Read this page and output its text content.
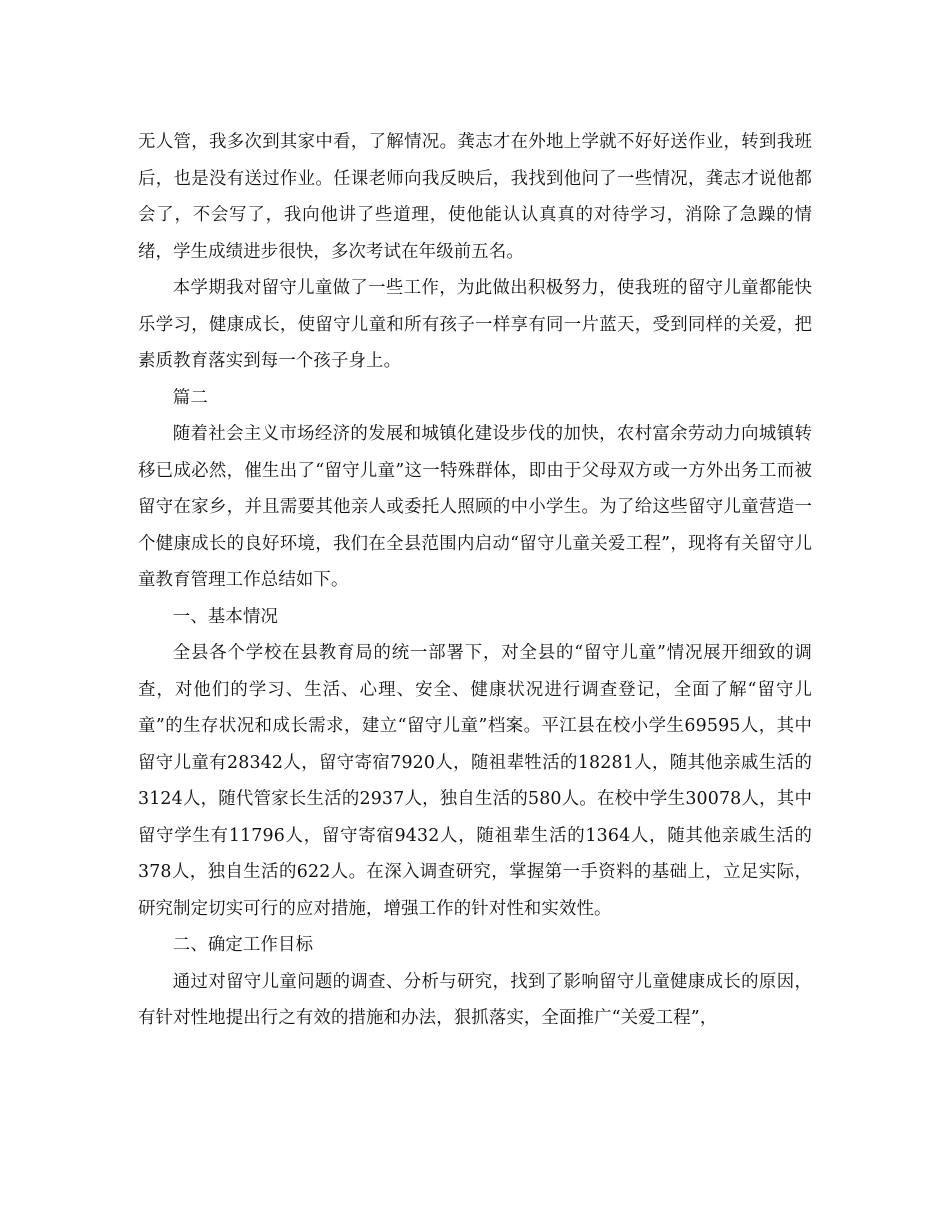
无人管，我多次到其家中看，了解情况。龚志才在外地上学就不好好送作业，转到我班后，也是没有送过作业。任课老师向我反映后，我找到他问了一些情况，龚志才说他都会了，不会写了，我向他讲了些道理，使他能认认真真的对待学习，消除了急躁的情绪，学生成绩进步很快，多次考试在年级前五名。

本学期我对留守儿童做了一些工作，为此做出积极努力，使我班的留守儿童都能快乐学习，健康成长，使留守儿童和所有孩子一样享有同一片蓝天，受到同样的关爱，把素质教育落实到每一个孩子身上。

篇二

随着社会主义市场经济的发展和城镇化建设步伐的加快，农村富余劳动力向城镇转移已成必然，催生出了“留守儿童”这一特殊群体，即由于父母双方或一方外出务工而被留守在家乡，并且需要其他亲人或委托人照顾的中小学生。为了给这些留守儿童营造一个健康成长的良好环境，我们在全县范围内启动“留守儿童关爱工程”，现将有关留守儿童教育管理工作总结如下。

一、基本情况

全县各个学校在县教育局的统一部署下，对全县的“留守儿童”情况展开细致的调查，对他们的学习、生活、心理、安全、健康状况进行调查登记，全面了解“留守儿童”的生存状况和成长需求，建立“留守儿童”档案。平江县在校小学生69595人，其中留守儿童有28342人，留守寄宿7920人，随祖辈牲活的18281人，随其他亲戚生活的3124人，随代管家长生活的2937人，独自生活的580人。在校中学生30078人，其中留守学生有11796人，留守寄宿9432人，随祖辈生活的1364人，随其他亲戚生活的378人，独自生活的622人。在深入调查研究，掌握第一手资料的基础上，立足实际，研究制定切实可行的应对措施，增强工作的针对性和实效性。

二、确定工作目标

通过对留守儿童问题的调查、分析与研究，找到了影响留守儿童健康成长的原因，有针对性地提出行之有效的措施和办法，狠抓落实，全面推广“关爱工程”，
